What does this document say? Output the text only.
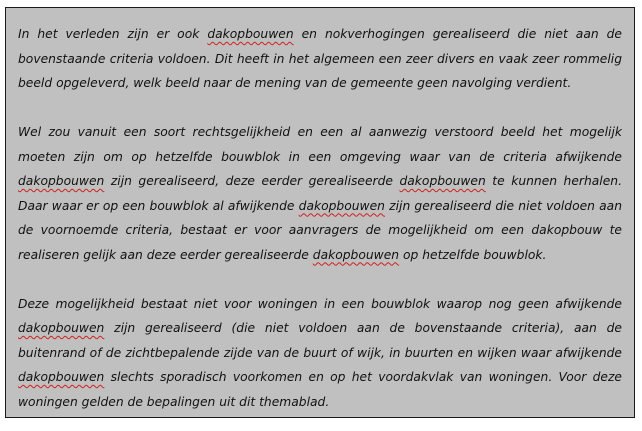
In het verleden zijn er ook dakopbouwen en nokverhogingen gerealiseerd die niet aan de bovenstaande criteria voldoen. Dit heeft in het algemeen een zeer divers en vaak zeer rommelig beeld opgeleverd, welk beeld naar de mening van de gemeente geen navolging verdient.

Wel zou vanuit een soort rechtsgelijkheid en een al aanwezig verstoord beeld het mogelijk moeten zijn om op hetzelfde bouwblok in een omgeving waar van de criteria afwijkende dakopbouwen zijn gerealiseerd, deze eerder gerealiseerde dakopbouwen te kunnen herhalen. Daar waar er op een bouwblok al afwijkende dakopbouwen zijn gerealiseerd die niet voldoen aan de voornoemde criteria, bestaat er voor aanvragers de mogelijkheid om een dakopbouw te realiseren gelijk aan deze eerder gerealiseerde dakopbouwen op hetzelfde bouwblok.

Deze mogelijkheid bestaat niet voor woningen in een bouwblok waarop nog geen afwijkende dakopbouwen zijn gerealiseerd (die niet voldoen aan de bovenstaande criteria), aan de buitenrand of de zichtbepalende zijde van de buurt of wijk, in buurten en wijken waar afwijkende dakopbouwen slechts sporadisch voorkomen en op het voordakvlak van woningen. Voor deze woningen gelden de bepalingen uit dit themablad.
